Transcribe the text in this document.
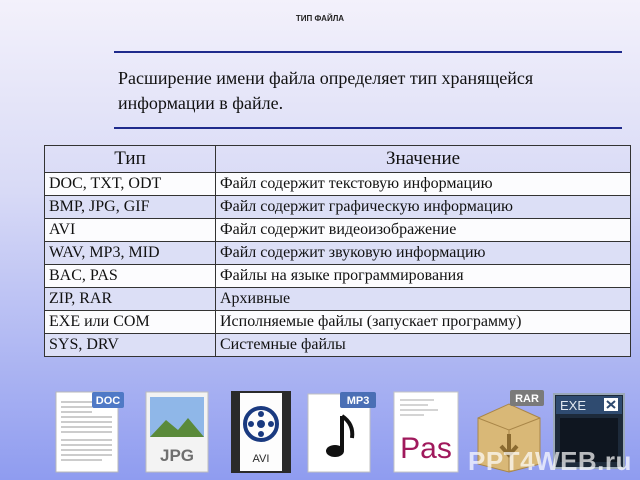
ТИП ФАЙЛА
Расширение имени файла определяет тип хранящейся информации в файле.
Тип	Значение
DOC, TXT, ODT	Файл содержит текстовую информацию
BMP, JPG, GIF	Файл содержит графическую информацию
AVI	Файл содержит видеоизображение
WAV, MP3, MID	Файл содержит звуковую информацию
BAC, PAS	Файлы на языке программирования
ZIP, RAR	Архивные
EXE или COM	Исполняемые файлы (запускает программу)
SYS, DRV	Системные файлы
DOC
JPG	AVI
MP3
Pas
RAR EXE
PPT4WEB.ru
